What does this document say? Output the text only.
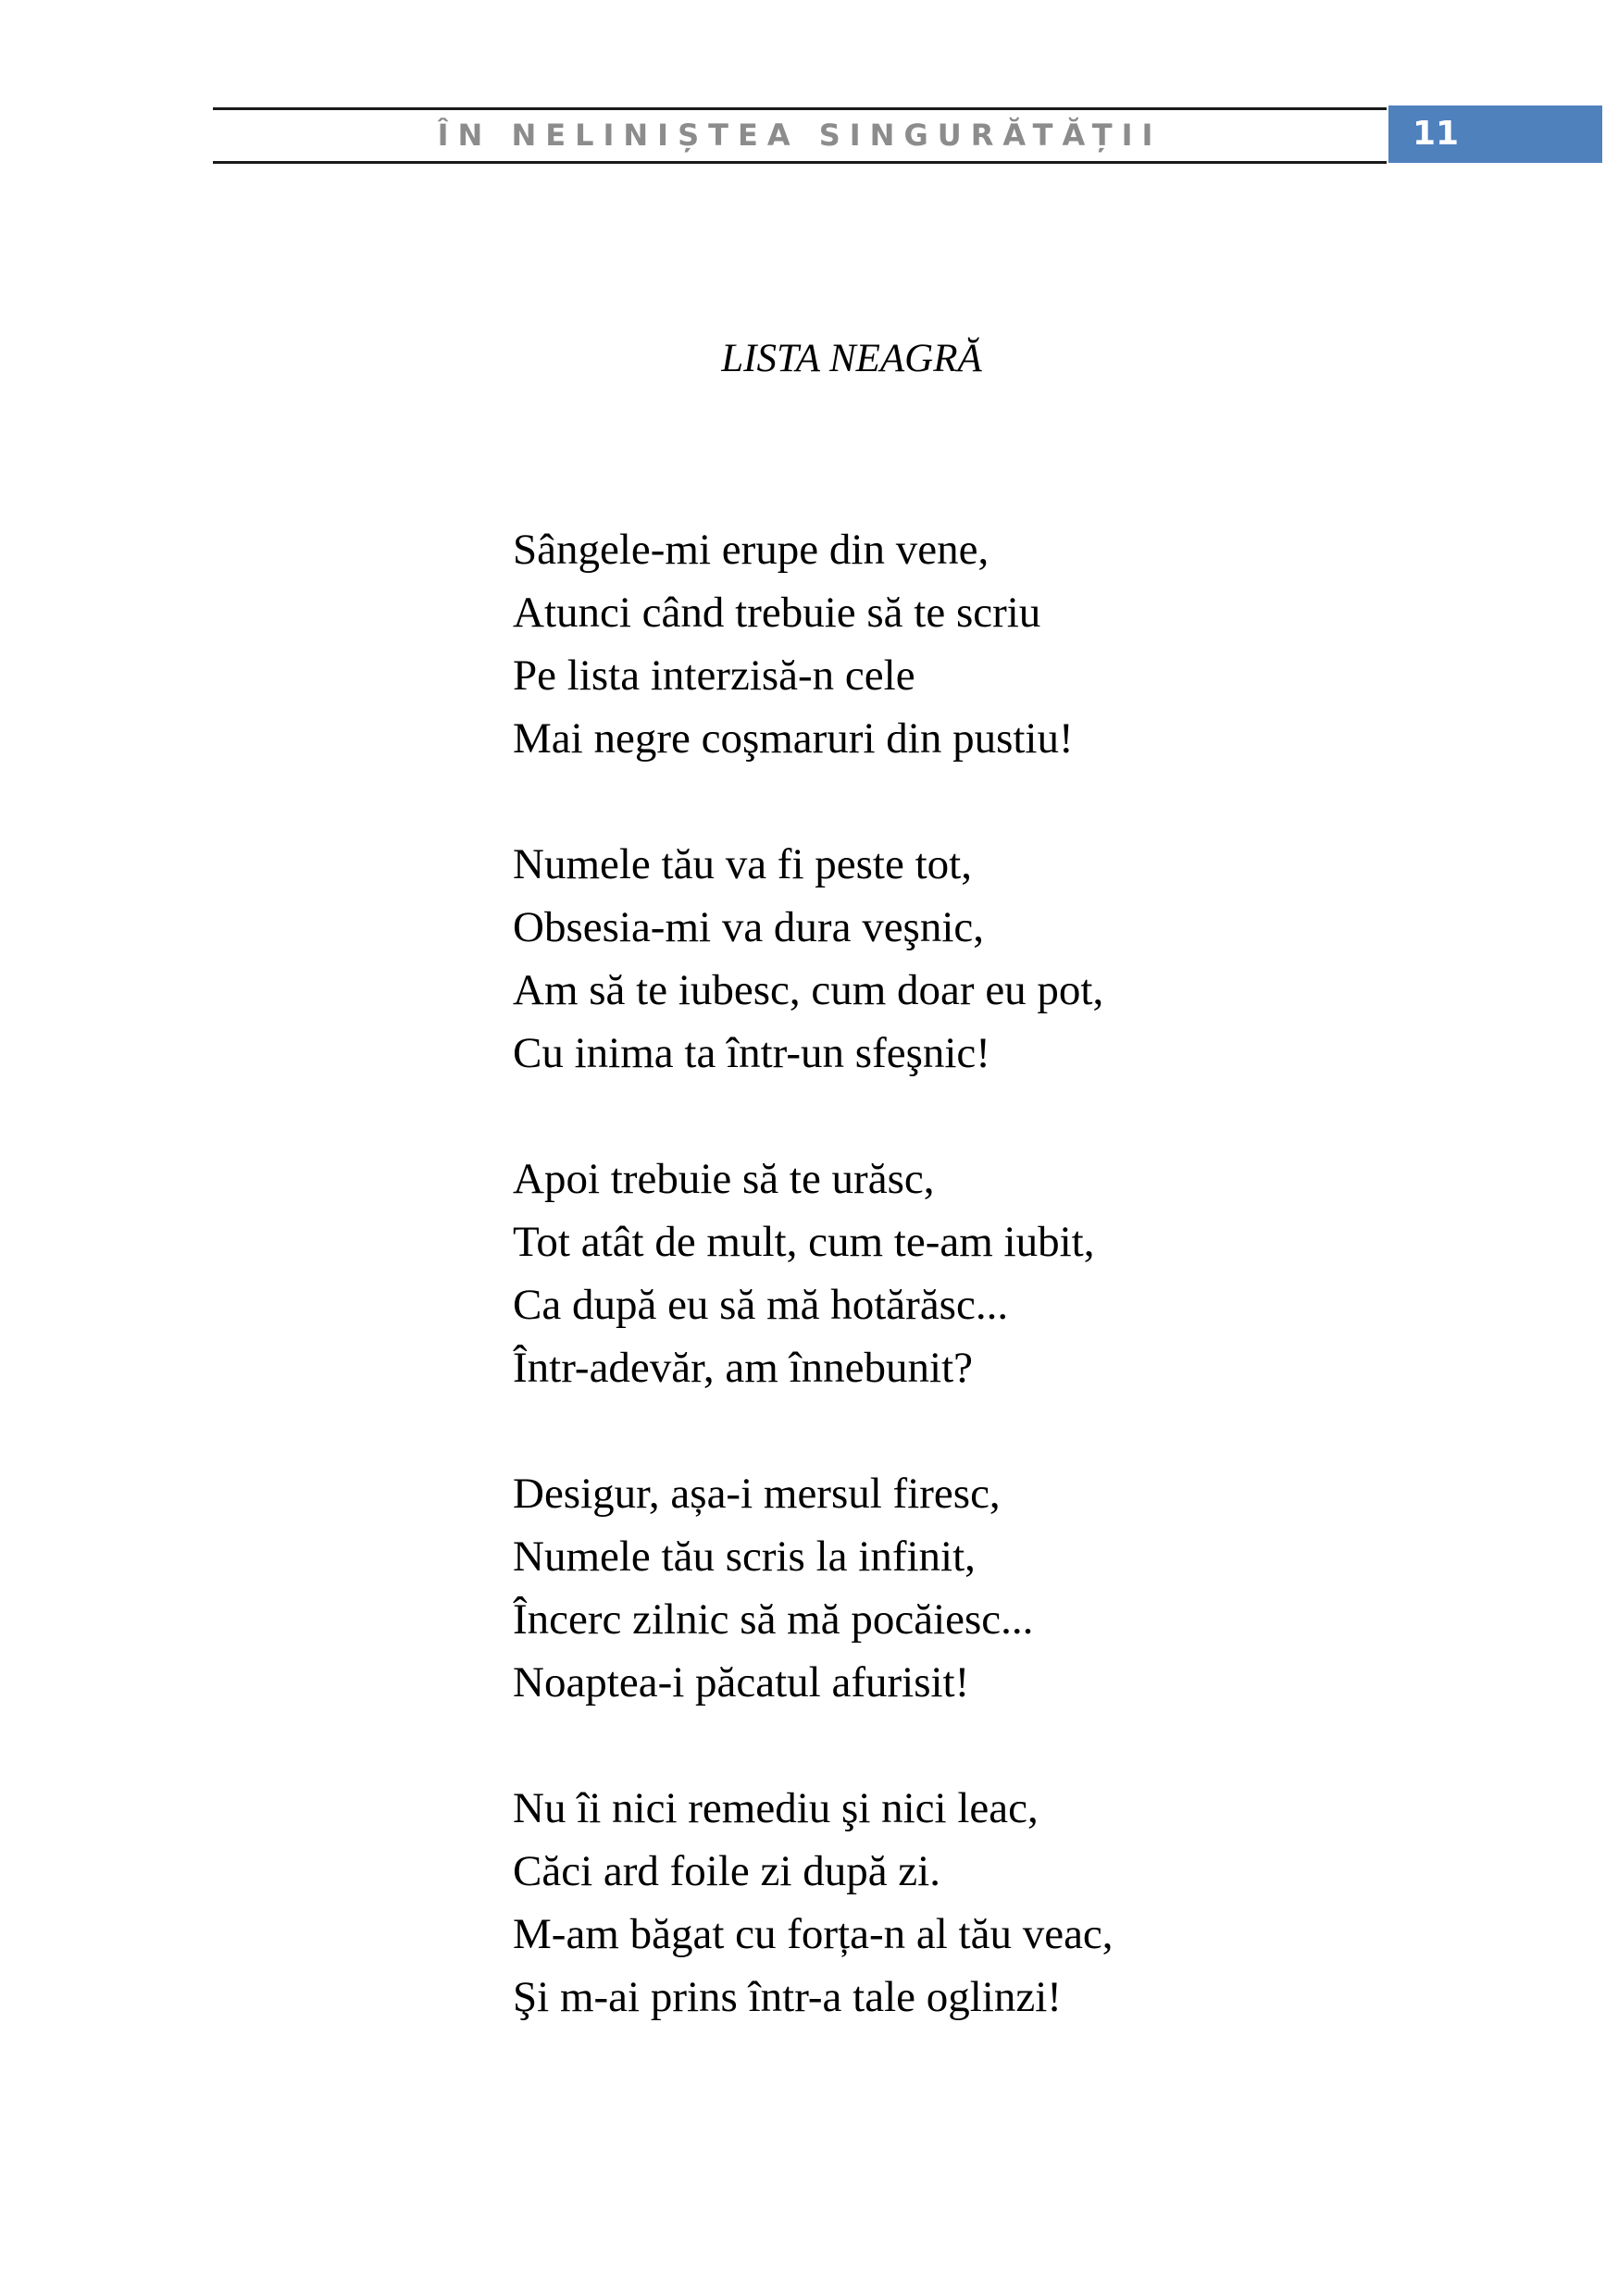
ÎN NELINIȘTEA SINGURĂTĂȚII	11
LISTA NEAGRĂ
Sângele-mi erupe din vene,
Atunci când trebuie să te scriu
Pe lista interzisă-n cele
Mai negre coşmaruri din pustiu!
Numele tău va fi peste tot,
Obsesia-mi va dura veşnic,
Am să te iubesc, cum doar eu pot,
Cu inima ta într-un sfeşnic!
Apoi trebuie să te urăsc,
Tot atât de mult, cum te-am iubit,
Ca după eu să mă hotărăsc...
Într-adevăr, am înnebunit?
Desigur, așa-i mersul firesc,
Numele tău scris la infinit,
Încerc zilnic să mă pocăiesc...
Noaptea-i păcatul afurisit!
Nu îi nici remediu şi nici leac,
Căci ard foile zi după zi.
M-am băgat cu forța-n al tău veac,
Şi m-ai prins într-a tale oglinzi!
